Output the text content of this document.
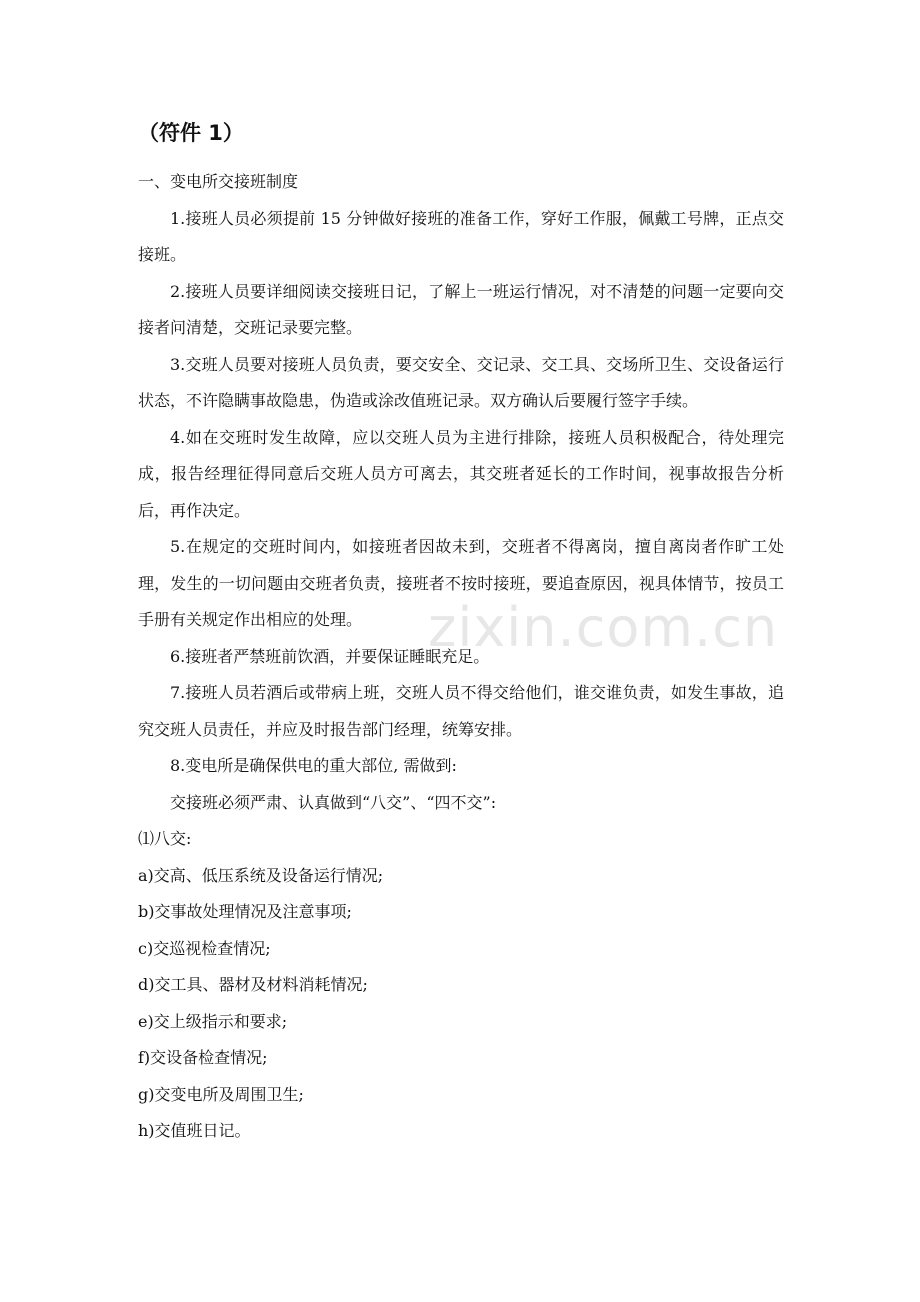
（符件 1）

一、变电所交接班制度

1.接班人员必须提前 15 分钟做好接班的准备工作，穿好工作服，佩戴工号牌，正点交接班。

2.接班人员要详细阅读交接班日记，了解上一班运行情况，对不清楚的问题一定要向交接者问清楚，交班记录要完整。

3.交班人员要对接班人员负责，要交安全、交记录、交工具、交场所卫生、交设备运行状态，不许隐瞒事故隐患，伪造或涂改值班记录。双方确认后要履行签字手续。

4.如在交班时发生故障，应以交班人员为主进行排除，接班人员积极配合，待处理完成，报告经理征得同意后交班人员方可离去，其交班者延长的工作时间，视事故报告分析后，再作决定。

5.在规定的交班时间内，如接班者因故未到，交班者不得离岗，擅自离岗者作旷工处理，发生的一切问题由交班者负责，接班者不按时接班，要追查原因，视具体情节，按员工手册有关规定作出相应的处理。

6.接班者严禁班前饮酒，并要保证睡眠充足。

7.接班人员若酒后或带病上班，交班人员不得交给他们，谁交谁负责，如发生事故，追究交班人员责任，并应及时报告部门经理，统筹安排。

8.变电所是确保供电的重大部位, 需做到:

交接班必须严肃、认真做到“八交”、“四不交”:

⑴八交:

a)交高、低压系统及设备运行情况;

b)交事故处理情况及注意事项;

c)交巡视检查情况;

d)交工具、器材及材料消耗情况;

e)交上级指示和要求;

f)交设备检查情况;

g)交变电所及周围卫生;

h)交值班日记。

zixin.com.cn
